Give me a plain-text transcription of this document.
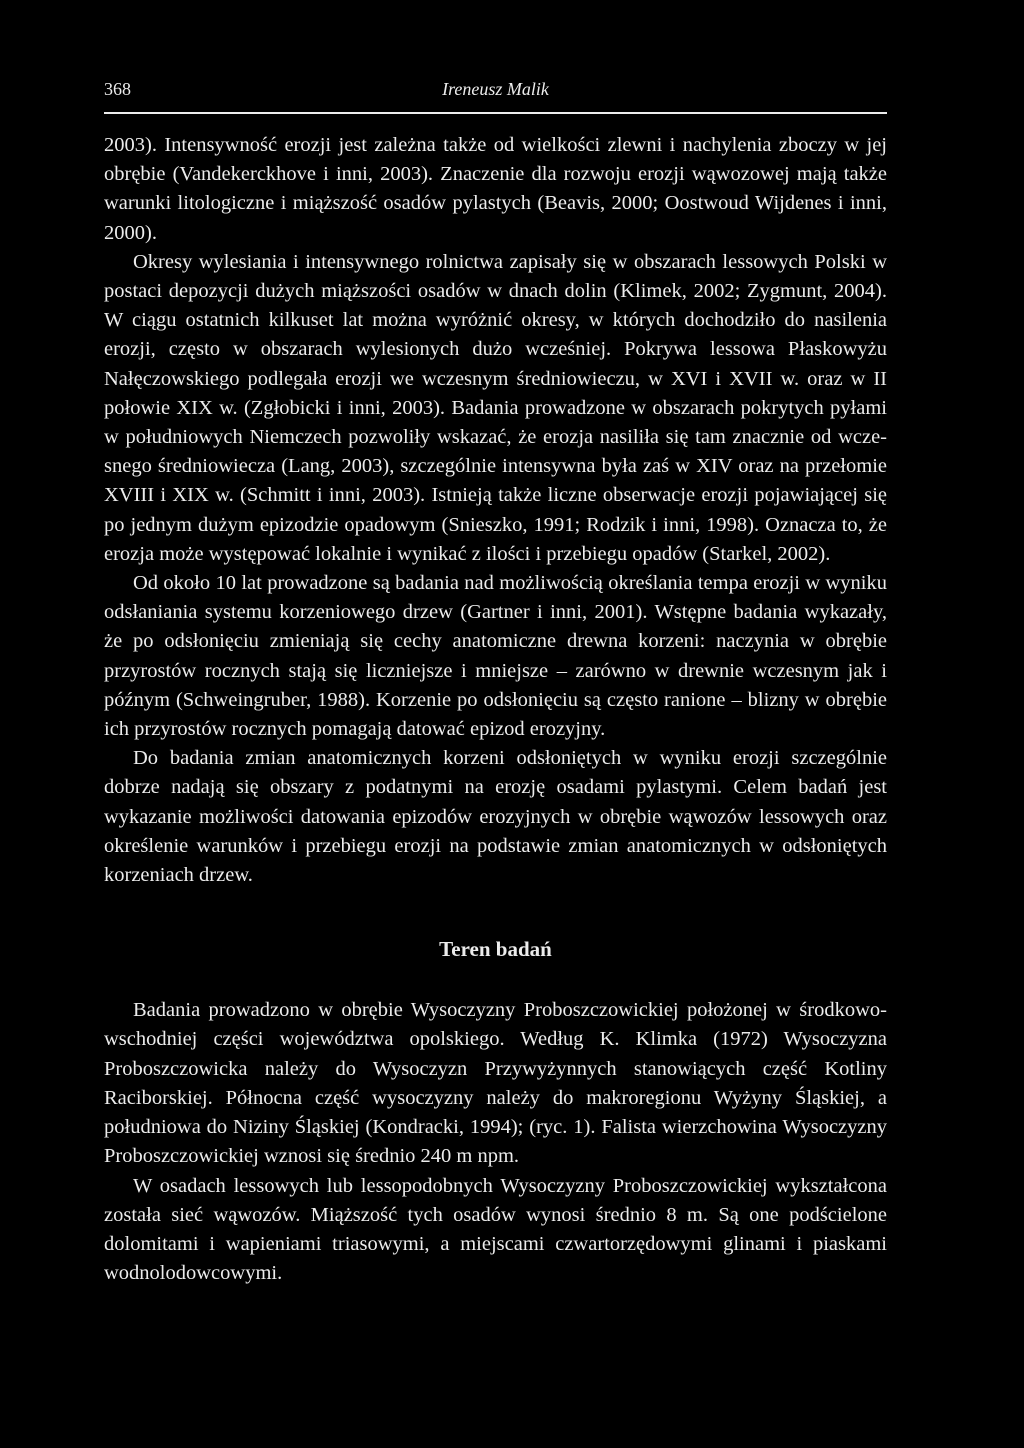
368	Ireneusz Malik

2003). Intensywność erozji jest zależna także od wielkości zlewni i nachylenia zboczy w jej obrębie (Vandekerckhove i inni, 2003). Znaczenie dla rozwoju erozji wąwozowej mają także warunki litologiczne i miąższość osadów pylastych (Beavis, 2000; Oostwoud Wijdenes i inni, 2000).

Okresy wylesiania i intensywnego rolnictwa zapisały się w obszarach lessowych Polski w postaci depozycji dużych miąższości osadów w dnach dolin (Klimek, 2002; Zygmunt, 2004). W ciągu ostatnich kilkuset lat można wyróżnić okresy, w których dochodziło do nasilenia erozji, często w obszarach wylesionych dużo wcześniej. Pokrywa lessowa Płaskowyżu Nałęczowskiego podlegała erozji we wczesnym średniowieczu, w XVI i XVII w. oraz w II połowie XIX w. (Zgłobicki i inni, 2003). Badania prowadzone w obszarach pokrytych pyłami w południowych Niemczech pozwoliły wskazać, że erozja nasiliła się tam znacznie od wczesnego średniowiecza (Lang, 2003), szczególnie intensywna była zaś w XIV oraz na przełomie XVIII i XIX w. (Schmitt i inni, 2003). Istnieją także liczne obserwacje erozji pojawiającej się po jednym dużym epizodzie opadowym (Snieszko, 1991; Rodzik i inni, 1998). Oznacza to, że erozja może występować lokalnie i wynikać z ilości i przebiegu opadów (Starkel, 2002).

Od około 10 lat prowadzone są badania nad możliwością określania tempa erozji w wyniku odsłaniania systemu korzeniowego drzew (Gartner i inni, 2001). Wstępne badania wykazały, że po odsłonięciu zmieniają się cechy anatomiczne drewna korzeni: naczynia w obrębie przyrostów rocznych stają się liczniejsze i mniejsze – zarówno w drewnie wczesnym jak i późnym (Schweingruber, 1988). Korzenie po odsłonięciu są często ranione – blizny w obrębie ich przyrostów rocznych pomagają datować epizod erozyjny.

Do badania zmian anatomicznych korzeni odsłoniętych w wyniku erozji szczególnie dobrze nadają się obszary z podatnymi na erozję osadami pylastymi. Celem badań jest wykazanie możliwości datowania epizodów erozyjnych w obrębie wąwozów lessowych oraz określenie warunków i przebiegu erozji na podstawie zmian anatomicznych w odsłoniętych korzeniach drzew.

Teren badań

Badania prowadzono w obrębie Wysoczyzny Proboszczowickiej położonej w środkowo-wschodniej części województwa opolskiego. Według K. Klimka (1972) Wysoczyzna Proboszczowicka należy do Wysoczyzn Przywyżynnych stanowiących część Kotliny Raciborskiej. Północna część wysoczyzny należy do makroregionu Wyżyny Śląskiej, a południowa do Niziny Śląskiej (Kondracki, 1994); (ryc. 1). Falista wierzchowina Wysoczyzny Proboszczowickiej wznosi się średnio 240 m npm.

W osadach lessowych lub lessopodobnych Wysoczyzny Proboszczowickiej wykształcona została sieć wąwozów. Miąższość tych osadów wynosi średnio 8 m. Są one podścielone dolomitami i wapieniami triasowymi, a miejscami czwartorzędowymi glinami i piaskami wodnolodowcowymi.
